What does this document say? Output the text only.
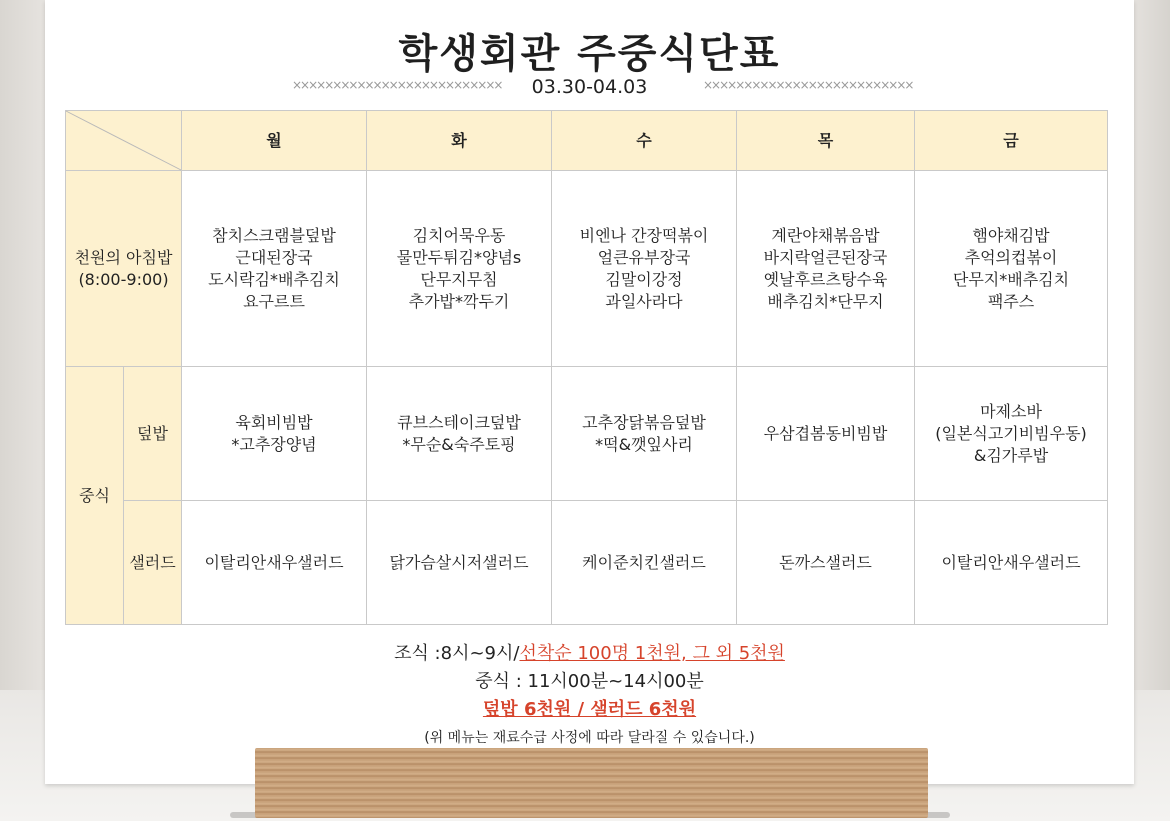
학생회관 주중식단표
××××××××××××××××××××××××××	03.30-04.03	××××××××××××××××××××××××××
	월	화	수	목	금
천원의 아침밥
(8:00-9:00)		참치스크램블덮밥
근대된장국
도시락김*배추김치
요구르트	김치어묵우동
물만두튀김*양념s
단무지무침
추가밥*깍두기	비엔나 간장떡볶이
얼큰유부장국
김말이강정
과일사라다	계란야채볶음밥
바지락얼큰된장국
옛날후르츠탕수육
배추김치*단무지	햄야채김밥
추억의컵볶이
단무지*배추김치
팩주스
중식	덮밥	육회비빔밥
*고추장양념	큐브스테이크덮밥
*무순&숙주토핑	고추장닭볶음덮밥
*떡&깻잎사리	우삼겹봄동비빔밥	마제소바
(일본식고기비빔우동)
&김가루밥
	샐러드	이탈리안새우샐러드	닭가슴살시저샐러드	케이준치킨샐러드	돈까스샐러드	이탈리안새우샐러드
조식 :8시~9시/선착순 100명 1천원, 그 외 5천원
중식 : 11시00분~14시00분
덮밥 6천원 / 샐러드 6천원
(위 메뉴는 재료수급 사정에 따라 달라질 수 있습니다.)
